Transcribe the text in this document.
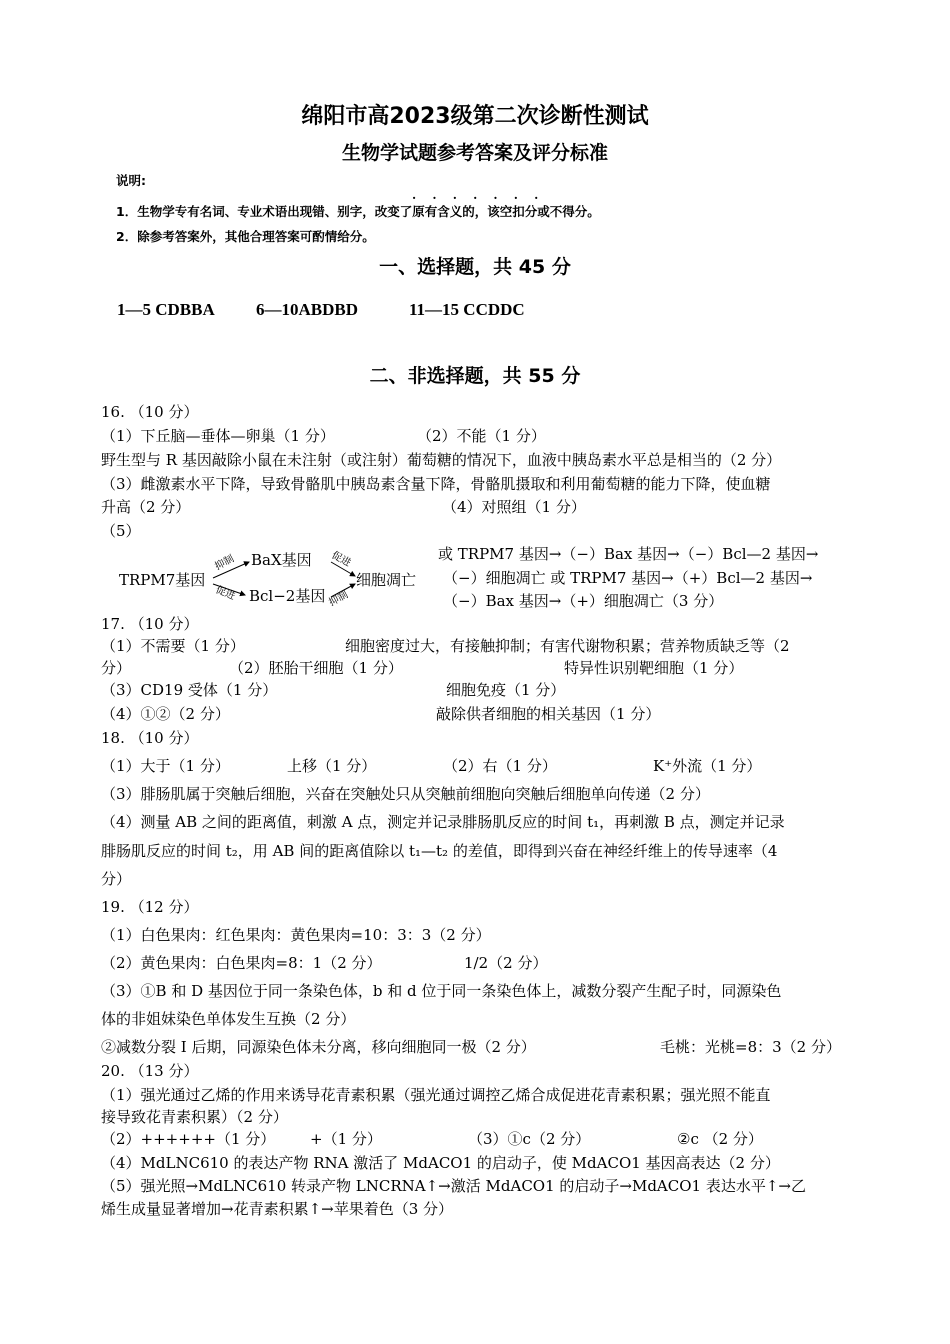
绵阳市高2023级第二次诊断性测试
生物学试题参考答案及评分标准
说明:
. . . . . . .
1．生物学专有名词、专业术语出现错、别字，改变了原有含义的，该空扣分或不得分。
2．除参考答案外，其他合理答案可酌情给分。
一、选择题，共 45 分
1—5 CDBBA 6—10ABDBD	11—15 CCDDC
二、非选择题，共 55 分
16. （10 分）
（1）下丘脑—垂体—卵巢（1 分）	（2）不能（1 分）
野生型与 R 基因敲除小鼠在未注射（或注射）葡萄糖的情况下，血液中胰岛素水平总是相当的（2 分）
（3）雌激素水平下降，导致骨骼肌中胰岛素含量下降，骨骼肌摄取和利用葡萄糖的能力下降，使血糖
升高（2 分）	（4）对照组（1 分）
（5）
TRPM7基因
抑制
促进
BaX基因
Bcl−2基因
促进
抑制
细胞凋亡
或 TRPM7 基因→（−）Bax 基因→（−）Bcl—2 基因→
（−）细胞凋亡 或 TRPM7 基因→（+）Bcl—2 基因→
（−）Bax 基因→（+）细胞凋亡（3 分）
17. （10 分）
（1）不需要（1 分）	细胞密度过大，有接触抑制；有害代谢物积累；营养物质缺乏等（2
分）	（2）胚胎干细胞（1 分）	特异性识别靶细胞（1 分）
（3）CD19 受体（1 分）	细胞免疫（1 分）
（4）①②（2 分）	敲除供者细胞的相关基因（1 分）
18. （10 分）
（1）大于（1 分）	上移（1 分）	（2）右（1 分）	K⁺外流（1 分）
（3）腓肠肌属于突触后细胞，兴奋在突触处只从突触前细胞向突触后细胞单向传递（2 分）
（4）测量 AB 之间的距离值，刺激 A 点，测定并记录腓肠肌反应的时间 t₁，再刺激 B 点，测定并记录
腓肠肌反应的时间 t₂，用 AB 间的距离值除以 t₁—t₂ 的差值，即得到兴奋在神经纤维上的传导速率（4
分）
19. （12 分）
（1）白色果肉：红色果肉：黄色果肉=10：3：3（2 分）
（2）黄色果肉：白色果肉=8：1（2 分）	1/2（2 分）
（3）①B 和 D 基因位于同一条染色体，b 和 d 位于同一条染色体上，减数分裂产生配子时，同源染色
体的非姐妹染色单体发生互换（2 分）
②减数分裂 I 后期，同源染色体未分离，移向细胞同一极（2 分）	毛桃：光桃=8：3（2 分）
20. （13 分）
（1）强光通过乙烯的作用来诱导花青素积累（强光通过调控乙烯合成促进花青素积累；强光照不能直
接导致花青素积累）（2 分）
（2）++++++（1 分） +（1 分）	（3）①c（2 分）	②c （2 分）
（4）MdLNC610 的表达产物 RNA 激活了 MdACO1 的启动子，使 MdACO1 基因高表达（2 分）
（5）强光照→MdLNC610 转录产物 LNCRNA↑→激活 MdACO1 的启动子→MdACO1 表达水平↑→乙
烯生成量显著增加→花青素积累↑→苹果着色（3 分）
